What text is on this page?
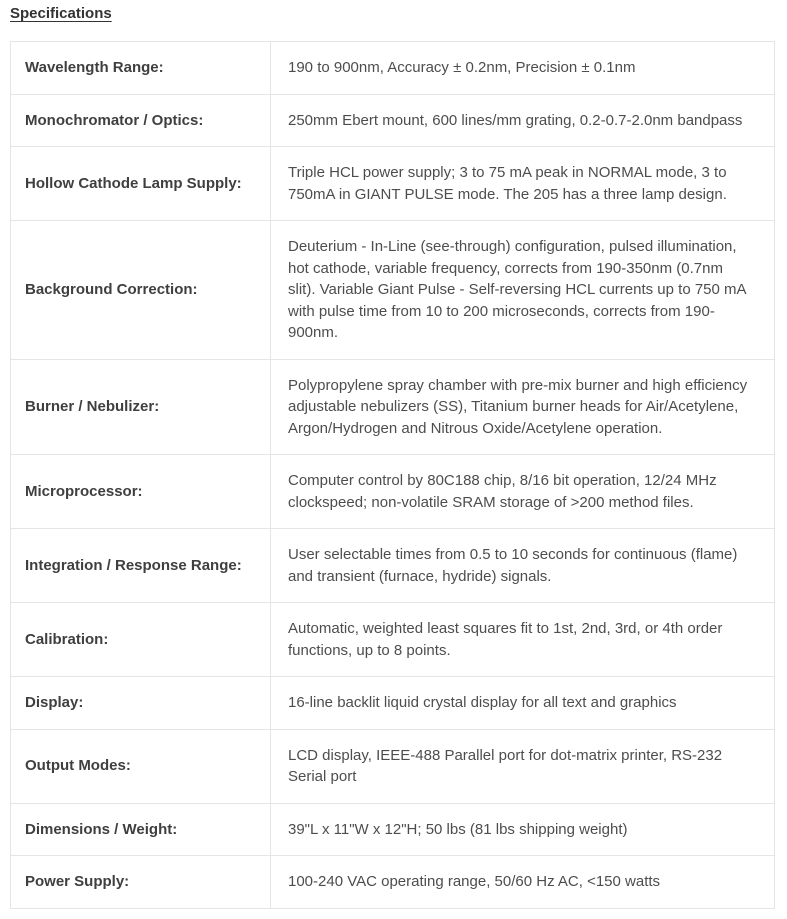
Specifications
Wavelength Range:	190 to 900nm, Accuracy ± 0.2nm, Precision ± 0.1nm
Monochromator / Optics:	250mm Ebert mount, 600 lines/mm grating, 0.2-0.7-2.0nm bandpass
Hollow Cathode Lamp Supply:	Triple HCL power supply; 3 to 75 mA peak in NORMAL mode, 3 to 750mA in GIANT PULSE mode. The 205 has a three lamp design.
Background Correction:	Deuterium - In-Line (see-through) configuration, pulsed illumination, hot cathode, variable frequency, corrects from 190-350nm (0.7nm slit). Variable Giant Pulse - Self-reversing HCL currents up to 750 mA with pulse time from 10 to 200 microseconds, corrects from 190-900nm.
Burner / Nebulizer:	Polypropylene spray chamber with pre-mix burner and high efficiency adjustable nebulizers (SS), Titanium burner heads for Air/Acetylene, Argon/Hydrogen and Nitrous Oxide/Acetylene operation.
Microprocessor:	Computer control by 80C188 chip, 8/16 bit operation, 12/24 MHz clockspeed; non-volatile SRAM storage of >200 method files.
Integration / Response Range:	User selectable times from 0.5 to 10 seconds for continuous (flame) and transient (furnace, hydride) signals.
Calibration:	Automatic, weighted least squares fit to 1st, 2nd, 3rd, or 4th order functions, up to 8 points.
Display:	16-line backlit liquid crystal display for all text and graphics
Output Modes:	LCD display, IEEE-488 Parallel port for dot-matrix printer, RS-232 Serial port
Dimensions / Weight:	39"L x 11"W x 12"H; 50 lbs (81 lbs shipping weight)
Power Supply:	100-240 VAC operating range, 50/60 Hz AC, <150 watts
